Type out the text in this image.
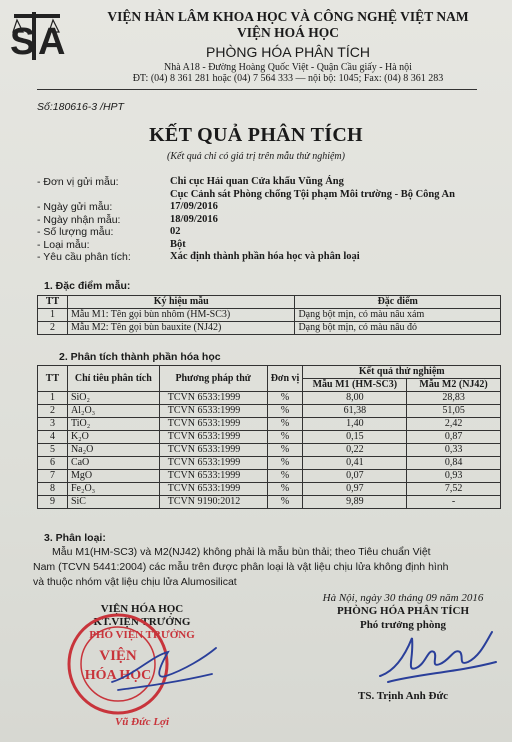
S A
VIỆN HÀN LÂM KHOA HỌC VÀ CÔNG NGHỆ VIỆT NAM
VIỆN HOÁ HỌC
PHÒNG HÓA PHÂN TÍCH
Nhà A18 - Đường Hoàng Quốc Việt - Quận Cầu giấy - Hà nội
ĐT: (04) 8 361 281 hoặc (04) 7 564 333 — nội bộ: 1045; Fax: (04) 8 361 283
Số:180616-3 /HPT
KẾT QUẢ PHÂN TÍCH
(Kết quả chỉ có giá trị trên mẫu thử nghiệm)
- Đơn vị gửi mẫu:	Chi cục Hải quan Cửa khẩu Vũng Áng
Cục Cảnh sát Phòng chống Tội phạm Môi trường - Bộ Công An
- Ngày gửi mẫu:	17/09/2016
- Ngày nhận mẫu:	18/09/2016
- Số lượng mẫu:	02
- Loại mẫu:	Bột
- Yêu cầu phân tích:	Xác định thành phần hóa học và phân loại
1. Đặc điểm mẫu:
TT	Ký hiệu mẫu	Đặc điểm
1	Mẫu M1: Tên gọi bùn nhôm (HM-SC3)	Dạng bột mịn, có màu nâu xám
2	Mẫu M2: Tên gọi bùn bauxite (NJ42)	Dạng bột mịn, có màu nâu đỏ
2. Phân tích thành phần hóa học
TT	Chỉ tiêu phân tích	Phương pháp thử	Đơn vị	Kết quả thử nghiệm	
				Mẫu M1 (HM-SC3)	Mẫu M2 (NJ42)
1	SiO₂	TCVN 6533:1999	%	8,00	28,83
2	Al₂O₃	TCVN 6533:1999	%	61,38	51,05
3	TiO₂	TCVN 6533:1999	%	1,40	2,42
4	K₂O	TCVN 6533:1999	%	0,15	0,87
5	Na₂O	TCVN 6533:1999	%	0,22	0,33
6	CaO	TCVN 6533:1999	%	0,41	0,84
7	MgO	TCVN 6533:1999	%	0,07	0,93
8	Fe₂O₃	TCVN 6533:1999	%	0,97	7,52
9	SiC	TCVN 9190:2012	%	9,89	-
3. Phân loại:
Mẫu M1(HM-SC3) và M2(NJ42) không phải là mẫu bùn thải; theo Tiêu chuẩn Việt
Nam (TCVN 5441:2004) các mẫu trên được phân loại là vật liệu chịu lửa không định hình
và thuộc nhóm vật liệu chịu lửa Alumosilicat
Hà Nội, ngày 30 tháng 09 năm 2016
PHÒNG HÓA PHÂN TÍCH
Phó trưởng phòng
TS. Trịnh Anh Đức
VIỆN HÓA HỌC
KT.VIỆN TRƯỞNG
PHÓ VIỆN TRƯỞNG
VIỆN
HÓA HỌC
Vũ Đức Lợi
